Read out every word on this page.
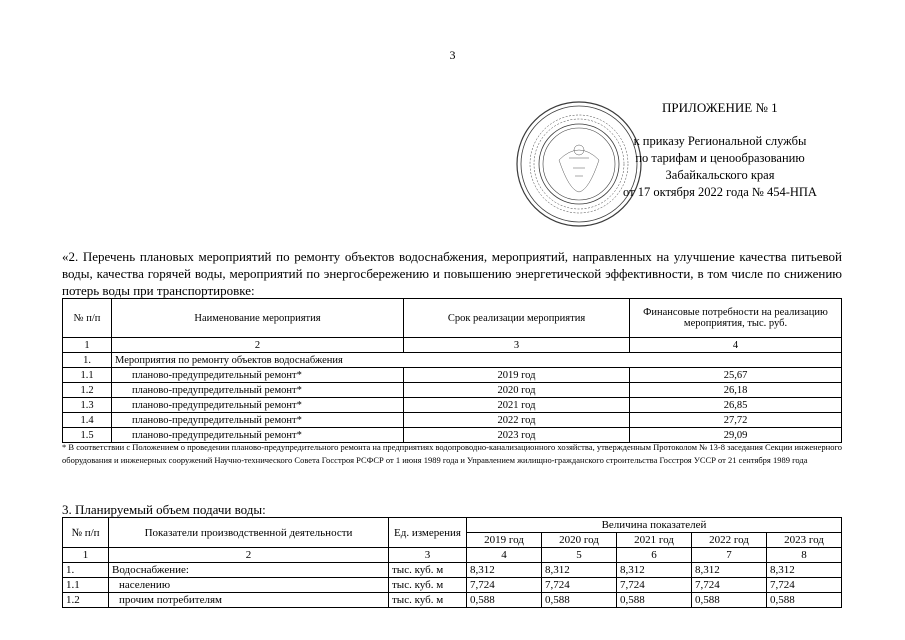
3
ПРИЛОЖЕНИЕ № 1
к приказу Региональной службы
по тарифам и ценообразованию
Забайкальского края
от 17 октября 2022 года № 454-НПА
«2. Перечень плановых мероприятий по ремонту объектов водоснабжения, мероприятий, направленных на улучшение качества питьевой воды, качества горячей воды, мероприятий по энергосбережению и повышению энергетической эффективности, в том числе по снижению потерь воды при транспортировке:
№ п/п	Наименование мероприятия	Срок реализации мероприятия	Финансовые потребности на реализацию мероприятия, тыс. руб.
1	2	3	4
1.	Мероприятия по ремонту объектов водоснабжения		
1.1	планово-предупредительный ремонт*	2019 год	25,67
1.2	планово-предупредительный ремонт*	2020 год	26,18
1.3	планово-предупредительный ремонт*	2021 год	26,85
1.4	планово-предупредительный ремонт*	2022 год	27,72
1.5	планово-предупредительный ремонт*	2023 год	29,09
* В соответствии с Положением о проведении планово-предупредительного ремонта на предприятиях водопроводно-канализационного хозяйства, утвержденным Протоколом № 13-8 заседания Секции инженерного оборудования и инженерных сооружений Научно-технического Совета Госстроя РСФСР от 1 июня 1989 года и Управлением жилищно-гражданского строительства Госстроя УССР от 21 сентября 1989 года
3. Планируемый объем подачи воды:
№ п/п	Показатели производственной деятельности	Ед. измерения	Величина показателей				
			2019 год	2020 год	2021 год	2022 год	2023 год
1	2	3	4	5	6	7	8
1.	Водоснабжение:	тыс. куб. м	8,312	8,312	8,312	8,312	8,312
1.1	населению	тыс. куб. м	7,724	7,724	7,724	7,724	7,724
1.2	прочим потребителям	тыс. куб. м	0,588	0,588	0,588	0,588	0,588
